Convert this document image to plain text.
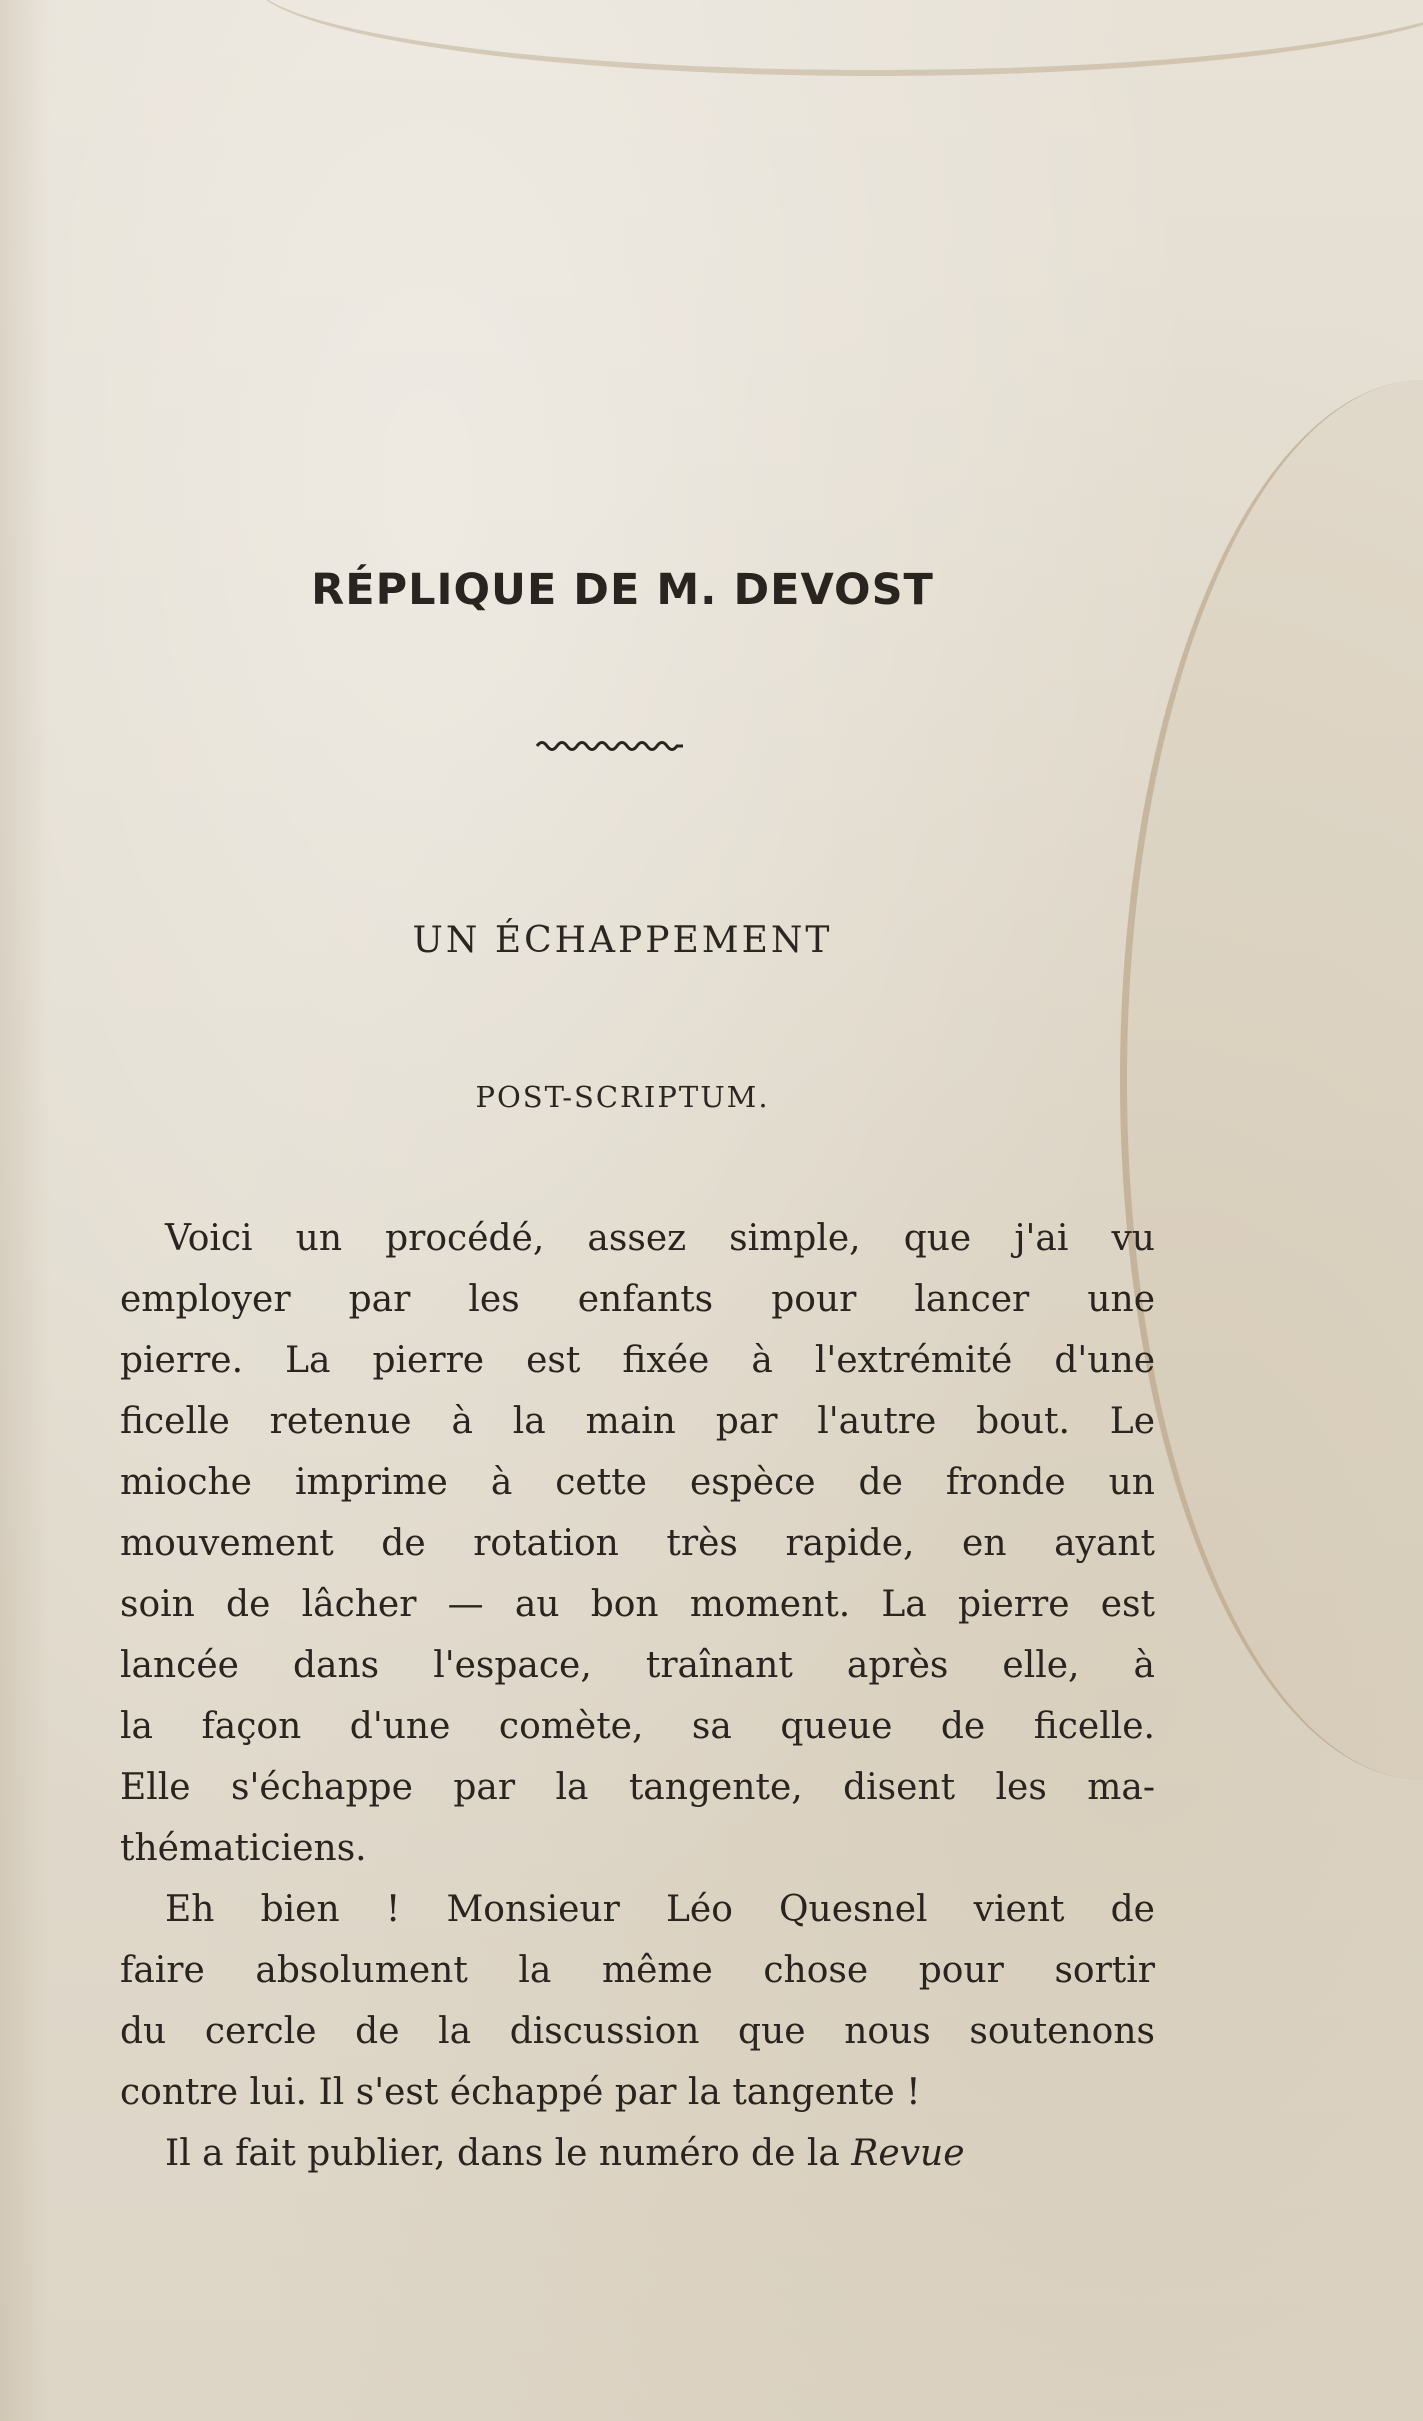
RÉPLIQUE DE M. DEVOST
UN ÉCHAPPEMENT
POST-SCRIPTUM.
Voici un procédé, assez simple, que j'ai vu
employer par les enfants pour lancer une
pierre. La pierre est fixée à l'extrémité d'une
ficelle retenue à la main par l'autre bout. Le
mioche imprime à cette espèce de fronde un
mouvement de rotation très rapide, en ayant
soin de lâcher — au bon moment. La pierre est
lancée dans l'espace, traînant après elle, à
la façon d'une comète, sa queue de ficelle.
Elle s'échappe par la tangente, disent les ma-
thématiciens.
Eh bien ! Monsieur Léo Quesnel vient de
faire absolument la même chose pour sortir
du cercle de la discussion que nous soutenons
contre lui. Il s'est échappé par la tangente !
Il a fait publier, dans le numéro de la Revue
